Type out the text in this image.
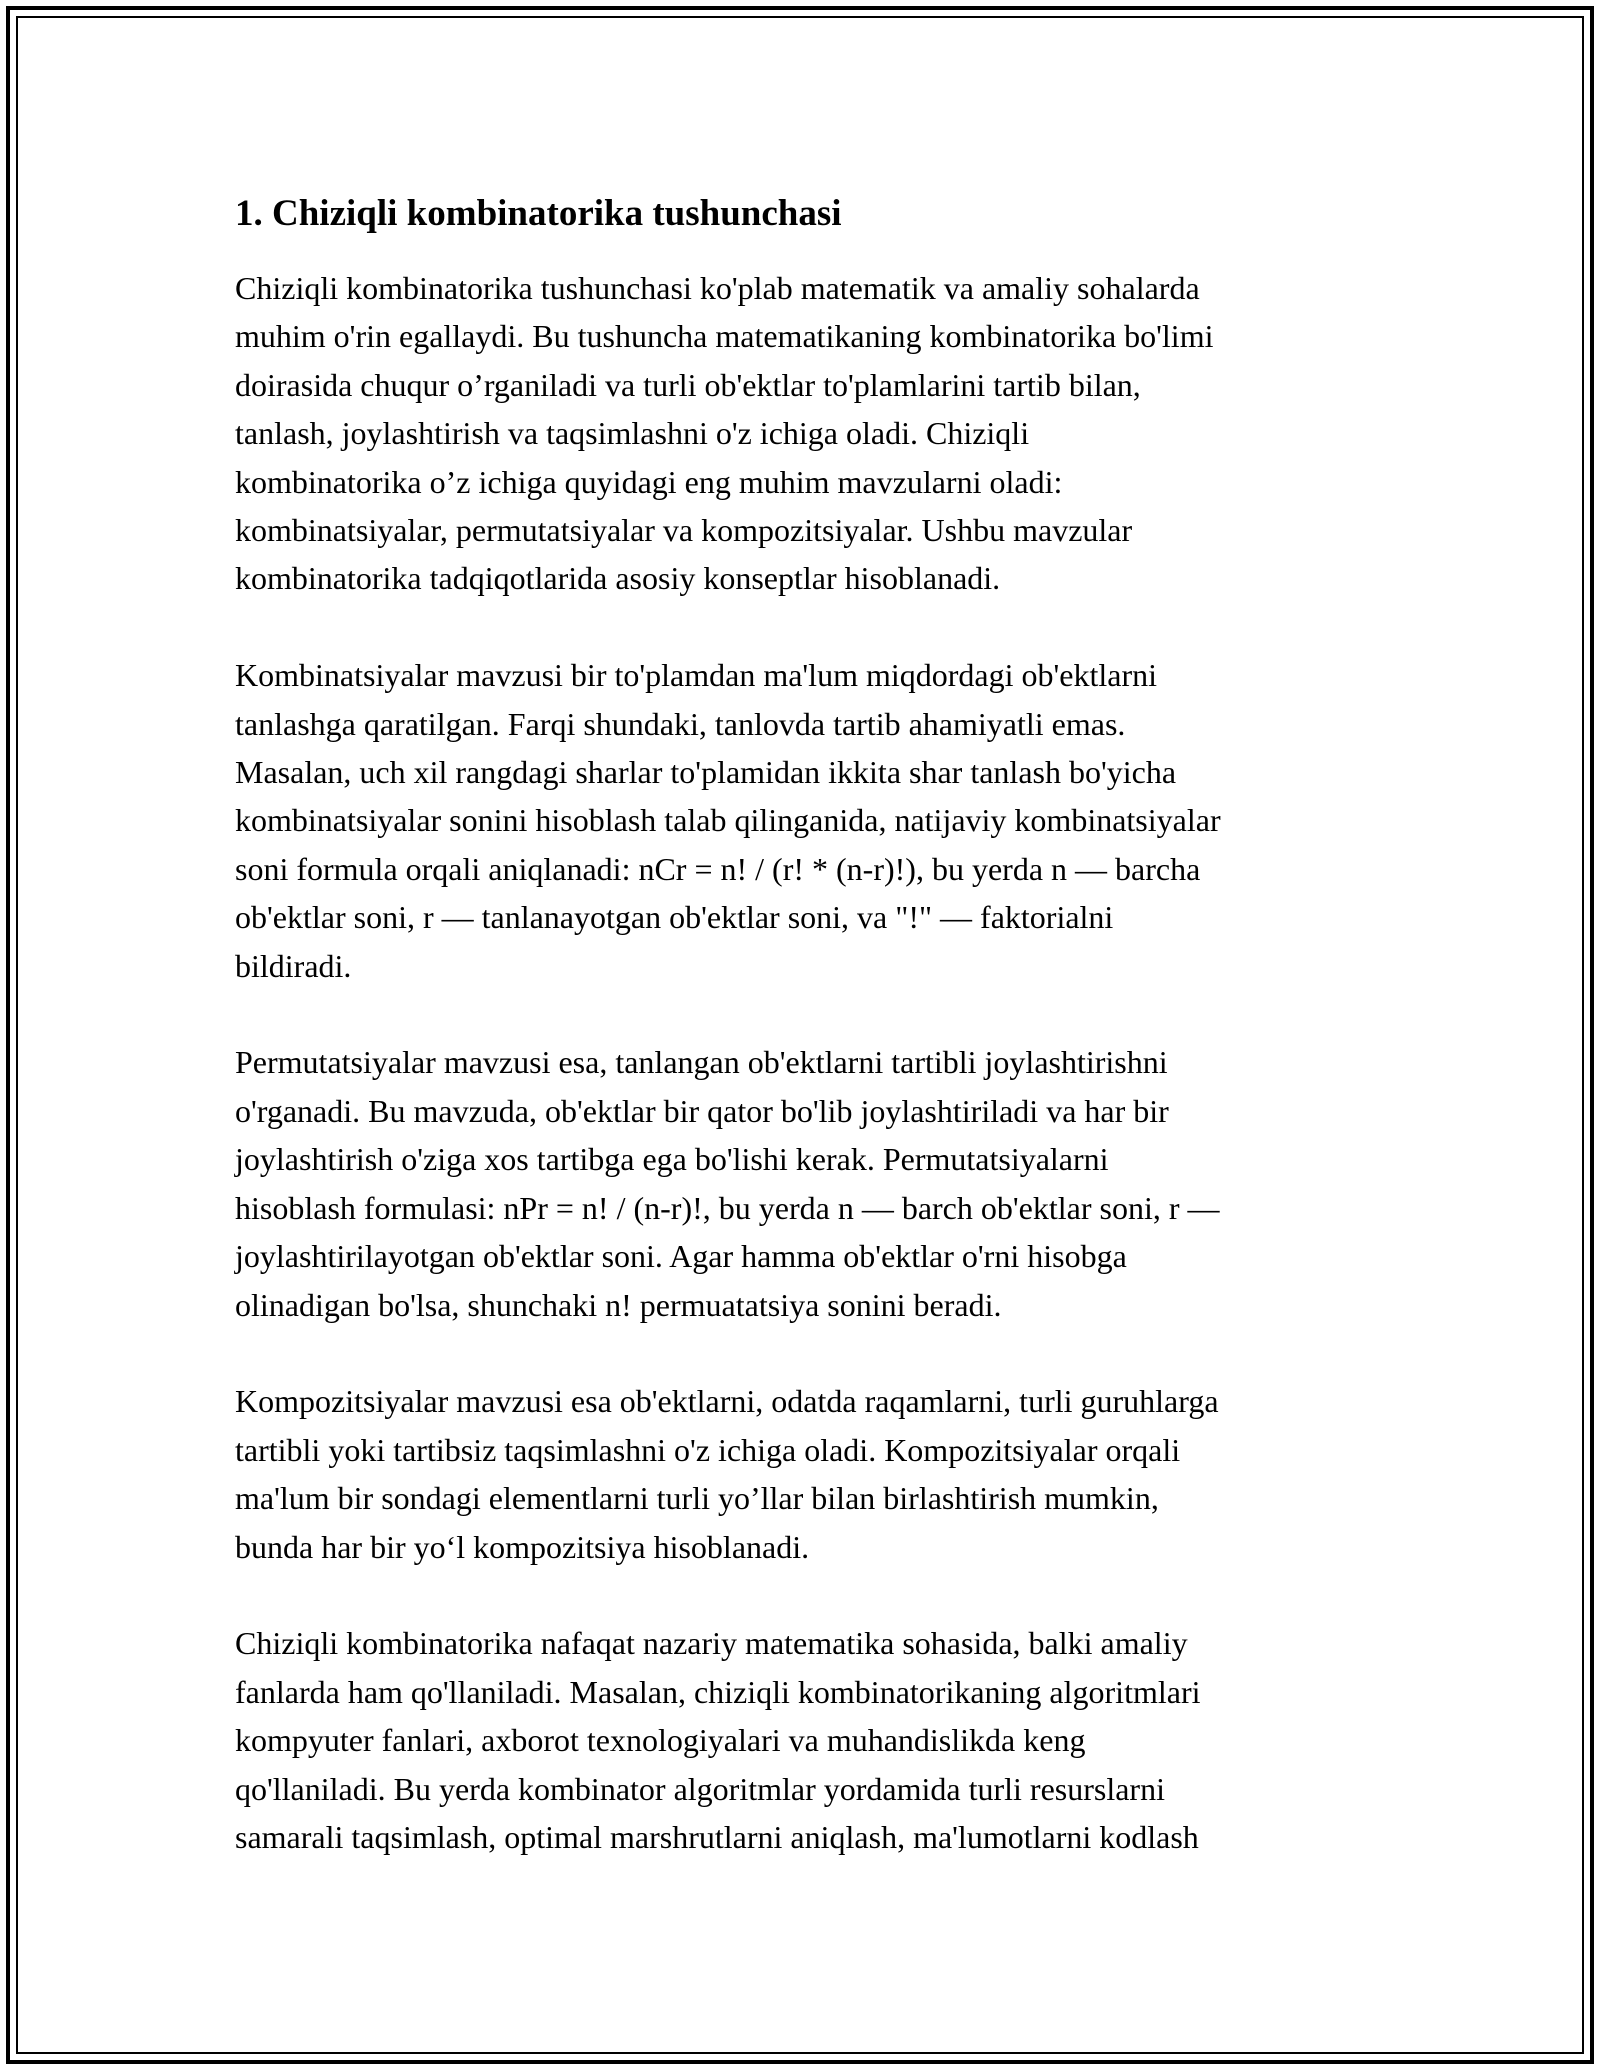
1. Chiziqli kombinatorika tushunchasi

Chiziqli kombinatorika tushunchasi ko'plab matematik va amaliy sohalarda
muhim o'rin egallaydi. Bu tushuncha matematikaning kombinatorika bo'limi
doirasida chuqur o’rganiladi va turli ob'ektlar to'plamlarini tartib bilan,
tanlash, joylashtirish va taqsimlashni o'z ichiga oladi. Chiziqli
kombinatorika o’z ichiga quyidagi eng muhim mavzularni oladi:
kombinatsiyalar, permutatsiyalar va kompozitsiyalar. Ushbu mavzular
kombinatorika tadqiqotlarida asosiy konseptlar hisoblanadi.

Kombinatsiyalar mavzusi bir to'plamdan ma'lum miqdordagi ob'ektlarni
tanlashga qaratilgan. Farqi shundaki, tanlovda tartib ahamiyatli emas.
Masalan, uch xil rangdagi sharlar to'plamidan ikkita shar tanlash bo'yicha
kombinatsiyalar sonini hisoblash talab qilinganida, natijaviy kombinatsiyalar
soni formula orqali aniqlanadi: nCr = n! / (r! * (n-r)!), bu yerda n — barcha
ob'ektlar soni, r — tanlanayotgan ob'ektlar soni, va "!" — faktorialni
bildiradi.

Permutatsiyalar mavzusi esa, tanlangan ob'ektlarni tartibli joylashtirishni
o'rganadi. Bu mavzuda, ob'ektlar bir qator bo'lib joylashtiriladi va har bir
joylashtirish o'ziga xos tartibga ega bo'lishi kerak. Permutatsiyalarni
hisoblash formulasi: nPr = n! / (n-r)!, bu yerda n — barch ob'ektlar soni, r —
joylashtirilayotgan ob'ektlar soni. Agar hamma ob'ektlar o'rni hisobga
olinadigan bo'lsa, shunchaki n! permuatatsiya sonini beradi.

Kompozitsiyalar mavzusi esa ob'ektlarni, odatda raqamlarni, turli guruhlarga
tartibli yoki tartibsiz taqsimlashni o'z ichiga oladi. Kompozitsiyalar orqali
ma'lum bir sondagi elementlarni turli yo’llar bilan birlashtirish mumkin,
bunda har bir yo‘l kompozitsiya hisoblanadi.

Chiziqli kombinatorika nafaqat nazariy matematika sohasida, balki amaliy
fanlarda ham qo'llaniladi. Masalan, chiziqli kombinatorikaning algoritmlari
kompyuter fanlari, axborot texnologiyalari va muhandislikda keng
qo'llaniladi. Bu yerda kombinator algoritmlar yordamida turli resurslarni
samarali taqsimlash, optimal marshrutlarni aniqlash, ma'lumotlarni kodlash
